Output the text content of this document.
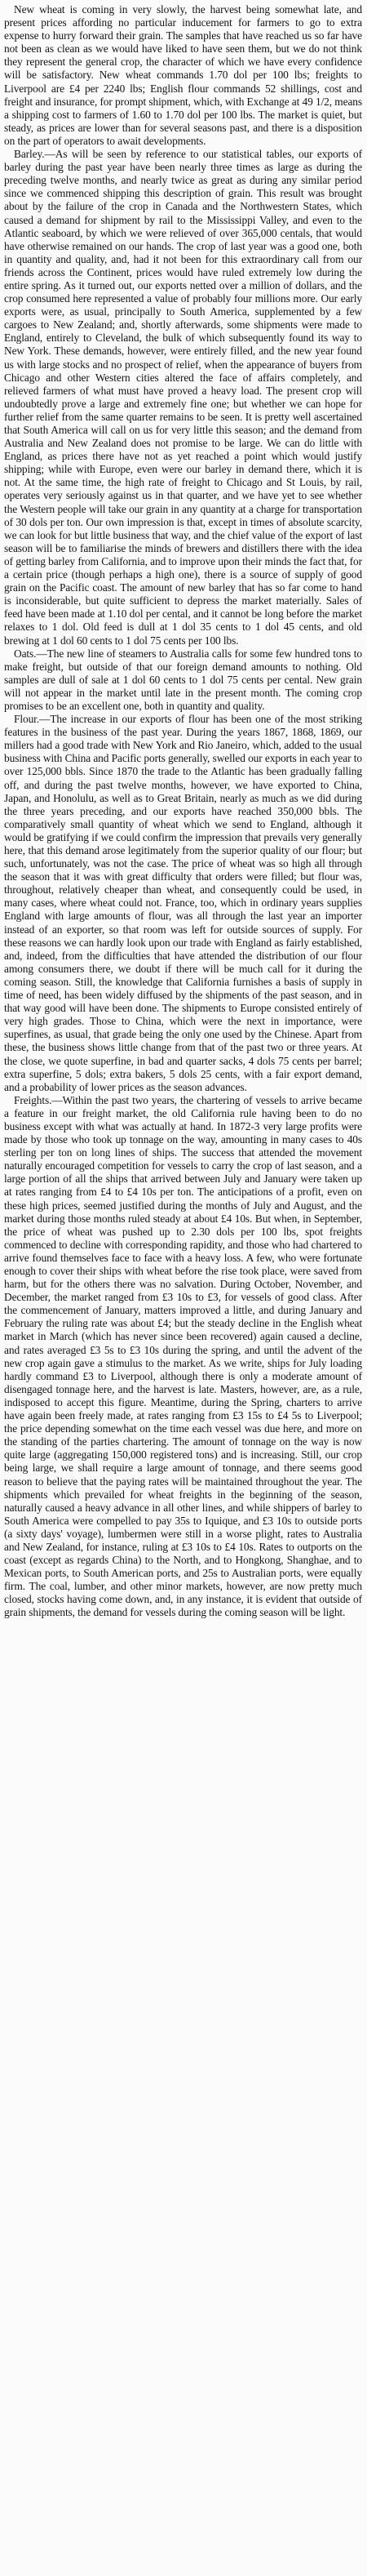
New wheat is coming in very slowly, the harvest being somewhat late, and present prices affording no particular inducement for farmers to go to extra expense to hurry forward their grain. The samples that have reached us so far have not been as clean as we would have liked to have seen them, but we do not think they represent the general crop, the character of which we have every confidence will be satisfactory. New wheat commands 1.70 dol per 100 lbs; freights to Liverpool are £4 per 2240 lbs; English flour commands 52 shillings, cost and freight and insurance, for prompt shipment, which, with Exchange at 49 1/2, means a shipping cost to farmers of 1.60 to 1.70 dol per 100 lbs. The market is quiet, but steady, as prices are lower than for several seasons past, and there is a disposition on the part of operators to await developments.

Barley.—As will be seen by reference to our statistical tables, our exports of barley during the past year have been nearly three times as large as during the preceding twelve months, and nearly twice as great as during any similar period since we commenced shipping this description of grain. This result was brought about by the failure of the crop in Canada and the Northwestern States, which caused a demand for shipment by rail to the Mississippi Valley, and even to the Atlantic seaboard, by which we were relieved of over 365,000 centals, that would have otherwise remained on our hands. The crop of last year was a good one, both in quantity and quality, and, had it not been for this extraordinary call from our friends across the Continent, prices would have ruled extremely low during the entire spring. As it turned out, our exports netted over a million of dollars, and the crop consumed here represented a value of probably four millions more. Our early exports were, as usual, principally to South America, supplemented by a few cargoes to New Zealand; and, shortly afterwards, some shipments were made to England, entirely to Cleveland, the bulk of which subsequently found its way to New York. These demands, however, were entirely filled, and the new year found us with large stocks and no prospect of relief, when the appearance of buyers from Chicago and other Western cities altered the face of affairs completely, and relieved farmers of what must have proved a heavy load. The present crop will undoubtedly prove a large and extremely fine one; but whether we can hope for further relief from the same quarter remains to be seen. It is pretty well ascertained that South America will call on us for very little this season; and the demand from Australia and New Zealand does not promise to be large. We can do little with England, as prices there have not as yet reached a point which would justify shipping; while with Europe, even were our barley in demand there, which it is not. At the same time, the high rate of freight to Chicago and St Louis, by rail, operates very seriously against us in that quarter, and we have yet to see whether the Western people will take our grain in any quantity at a charge for transportation of 30 dols per ton. Our own impression is that, except in times of absolute scarcity, we can look for but little business that way, and the chief value of the export of last season will be to familiarise the minds of brewers and distillers there with the idea of getting barley from California, and to improve upon their minds the fact that, for a certain price (though perhaps a high one), there is a source of supply of good grain on the Pacific coast. The amount of new barley that has so far come to hand is inconsiderable, but quite sufficient to depress the market materially. Sales of feed have been made at 1.10 dol per cental, and it cannot be long before the market relaxes to 1 dol. Old feed is dull at 1 dol 35 cents to 1 dol 45 cents, and old brewing at 1 dol 60 cents to 1 dol 75 cents per 100 lbs.

Oats.—The new line of steamers to Australia calls for some few hundred tons to make freight, but outside of that our foreign demand amounts to nothing. Old samples are dull of sale at 1 dol 60 cents to 1 dol 75 cents per cental. New grain will not appear in the market until late in the present month. The coming crop promises to be an excellent one, both in quantity and quality.

Flour.—The increase in our exports of flour has been one of the most striking features in the business of the past year. During the years 1867, 1868, 1869, our millers had a good trade with New York and Rio Janeiro, which, added to the usual business with China and Pacific ports generally, swelled our exports in each year to over 125,000 bbls. Since 1870 the trade to the Atlantic has been gradually falling off, and during the past twelve months, however, we have exported to China, Japan, and Honolulu, as well as to Great Britain, nearly as much as we did during the three years preceding, and our exports have reached 350,000 bbls. The comparatively small quantity of wheat which we send to England, although it would be gratifying if we could confirm the impression that prevails very generally here, that this demand arose legitimately from the superior quality of our flour; but such, unfortunately, was not the case. The price of wheat was so high all through the season that it was with great difficulty that orders were filled; but flour was, throughout, relatively cheaper than wheat, and consequently could be used, in many cases, where wheat could not. France, too, which in ordinary years supplies England with large amounts of flour, was all through the last year an importer instead of an exporter, so that room was left for outside sources of supply. For these reasons we can hardly look upon our trade with England as fairly established, and, indeed, from the difficulties that have attended the distribution of our flour among consumers there, we doubt if there will be much call for it during the coming season. Still, the knowledge that California furnishes a basis of supply in time of need, has been widely diffused by the shipments of the past season, and in that way good will have been done. The shipments to Europe consisted entirely of very high grades. Those to China, which were the next in importance, were superfines, as usual, that grade being the only one used by the Chinese. Apart from these, the business shows little change from that of the past two or three years. At the close, we quote superfine, in bad and quarter sacks, 4 dols 75 cents per barrel; extra superfine, 5 dols; extra bakers, 5 dols 25 cents, with a fair export demand, and a probability of lower prices as the season advances.

Freights.—Within the past two years, the chartering of vessels to arrive became a feature in our freight market, the old California rule having been to do no business except with what was actually at hand. In 1872-3 very large profits were made by those who took up tonnage on the way, amounting in many cases to 40s sterling per ton on long lines of ships. The success that attended the movement naturally encouraged competition for vessels to carry the crop of last season, and a large portion of all the ships that arrived between July and January were taken up at rates ranging from £4 to £4 10s per ton. The anticipations of a profit, even on these high prices, seemed justified during the months of July and August, and the market during those months ruled steady at about £4 10s. But when, in September, the price of wheat was pushed up to 2.30 dols per 100 lbs, spot freights commenced to decline with corresponding rapidity, and those who had chartered to arrive found themselves face to face with a heavy loss. A few, who were fortunate enough to cover their ships with wheat before the rise took place, were saved from harm, but for the others there was no salvation. During October, November, and December, the market ranged from £3 10s to £3, for vessels of good class. After the commencement of January, matters improved a little, and during January and February the ruling rate was about £4; but the steady decline in the English wheat market in March (which has never since been recovered) again caused a decline, and rates averaged £3 5s to £3 10s during the spring, and until the advent of the new crop again gave a stimulus to the market. As we write, ships for July loading hardly command £3 to Liverpool, although there is only a moderate amount of disengaged tonnage here, and the harvest is late. Masters, however, are, as a rule, indisposed to accept this figure. Meantime, during the Spring, charters to arrive have again been freely made, at rates ranging from £3 15s to £4 5s to Liverpool; the price depending somewhat on the time each vessel was due here, and more on the standing of the parties chartering. The amount of tonnage on the way is now quite large (aggregating 150,000 registered tons) and is increasing. Still, our crop being large, we shall require a large amount of tonnage, and there seems good reason to believe that the paying rates will be maintained throughout the year. The shipments which prevailed for wheat freights in the beginning of the season, naturally caused a heavy advance in all other lines, and while shippers of barley to South America were compelled to pay 35s to Iquique, and £3 10s to outside ports (a sixty days' voyage), lumbermen were still in a worse plight, rates to Australia and New Zealand, for instance, ruling at £3 10s to £4 10s. Rates to outports on the coast (except as regards China) to the North, and to Hongkong, Shanghae, and to Mexican ports, to South American ports, and 25s to Australian ports, were equally firm. The coal, lumber, and other minor markets, however, are now pretty much closed, stocks having come down, and, in any instance, it is evident that outside of grain shipments, the demand for vessels during the coming season will be light.
